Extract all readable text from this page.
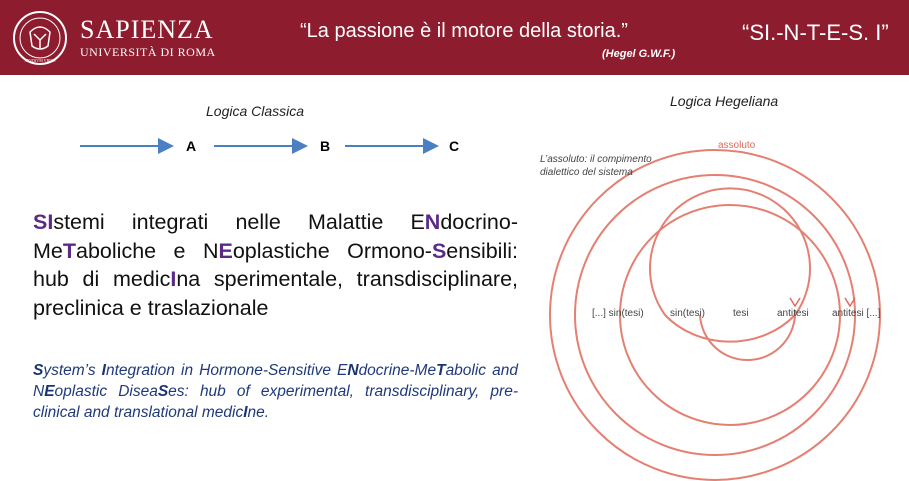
STVDIVM VRBIS
SAPIENZA
UNIVERSITÀ DI ROMA
“La passione è il motore della storia.”
(Hegel G.W.F.)
“SI.-N-T-E-S. I”
Logica Classica
A	B	C
SIstemi integrati nelle Malattie ENdocrino-MeTaboliche e NEoplastiche Ormono-Sensibili: hub di medicIna sperimentale, transdisciplinare, preclinica e traslazionale
System’s Integration in Hormone-Sensitive ENdocrine-MeTabolic and NEoplastic DiseaSes: hub of experimental, transdisciplinary, pre-clinical and translational medicIne.
Logica Hegeliana
L’assoluto: il compimento
dialettico del sistema
assoluto
[...] sin(tesi)	sin(tesi)	tesi	antitesi antitesi [...]
